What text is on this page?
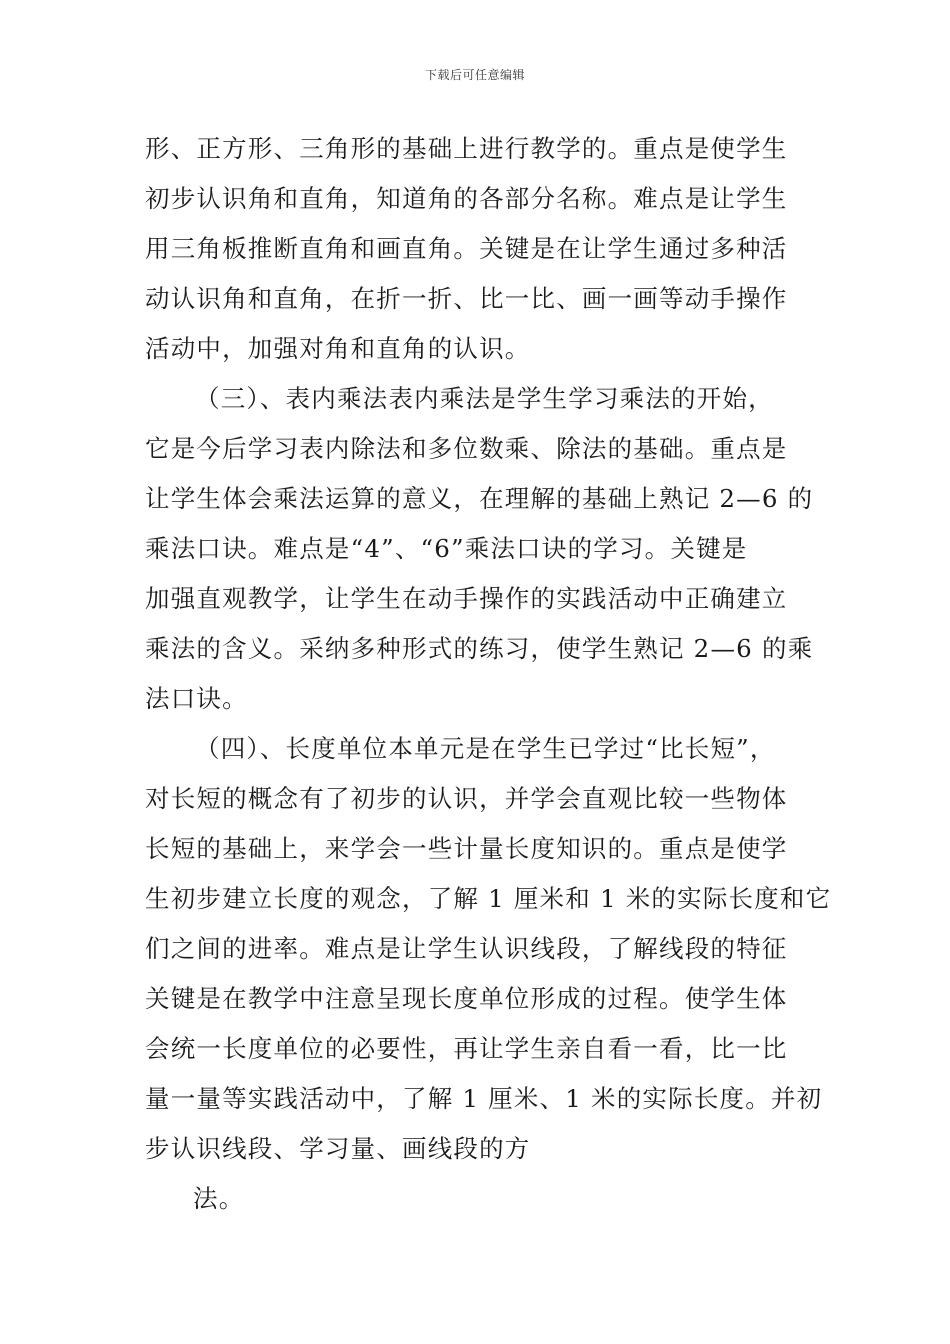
下载后可任意编辑
形、正方形、三角形的基础上进行教学的。重点是使学生
初步认识角和直角，知道角的各部分名称。难点是让学生
用三角板推断直角和画直角。关键是在让学生通过多种活
动认识角和直角，在折一折、比一比、画一画等动手操作
活动中，加强对角和直角的认识。
（三）、表内乘法表内乘法是学生学习乘法的开始，
它是今后学习表内除法和多位数乘、除法的基础。重点是
让学生体会乘法运算的意义，在理解的基础上熟记 2—6 的
乘法口诀。难点是“4”、“6”乘法口诀的学习。关键是
加强直观教学，让学生在动手操作的实践活动中正确建立
乘法的含义。采纳多种形式的练习，使学生熟记 2—6 的乘
法口诀。
（四）、长度单位本单元是在学生已学过“比长短”，
对长短的概念有了初步的认识，并学会直观比较一些物体
长短的基础上，来学会一些计量长度知识的。重点是使学
生初步建立长度的观念，了解 1 厘米和 1 米的实际长度和它
们之间的进率。难点是让学生认识线段，了解线段的特征
关键是在教学中注意呈现长度单位形成的过程。使学生体
会统一长度单位的必要性，再让学生亲自看一看，比一比
量一量等实践活动中，了解 1 厘米、1 米的实际长度。并初
步认识线段、学习量、画线段的方
法。
